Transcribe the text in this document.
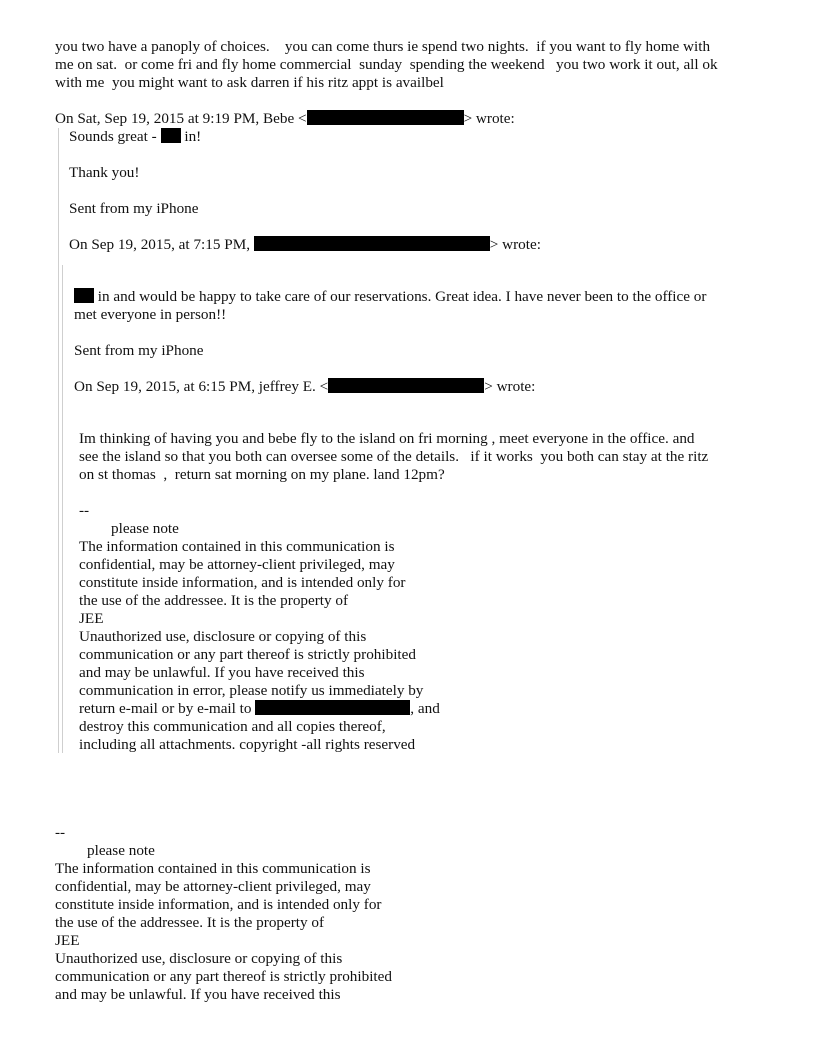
you two have a panoply of choices.    you can come thurs ie spend two nights.  if you want to fly home with
me on sat.  or come fri and fly home commercial  sunday  spending the weekend   you two work it out, all ok
with me  you might want to ask darren if his ritz appt is availbel
On Sat, Sep 19, 2015 at 9:19 PM, Bebe <	> wrote:
Sounds great -  in!
Thank you!
Sent from my iPhone
On Sep 19, 2015, at 7:15 PM,	> wrote:
in and would be happy to take care of our reservations. Great idea. I have never been to the office or
met everyone in person!!
Sent from my iPhone
On Sep 19, 2015, at 6:15 PM, jeffrey E. <	> wrote:
Im thinking of having you and bebe fly to the island on fri morning , meet everyone in the office. and
see the island so that you both can oversee some of the details.   if it works  you both can stay at the ritz
on st thomas  ,  return sat morning on my plane. land 12pm?
--
please note
The information contained in this communication is
confidential, may be attorney-client privileged, may
constitute inside information, and is intended only for
the use of the addressee. It is the property of
JEE
Unauthorized use, disclosure or copying of this
communication or any part thereof is strictly prohibited
and may be unlawful. If you have received this
communication in error, please notify us immediately by
return e-mail or by e-mail to	, and
destroy this communication and all copies thereof,
including all attachments. copyright -all rights reserved
--
please note
The information contained in this communication is
confidential, may be attorney-client privileged, may
constitute inside information, and is intended only for
the use of the addressee. It is the property of
JEE
Unauthorized use, disclosure or copying of this
communication or any part thereof is strictly prohibited
and may be unlawful. If you have received this
